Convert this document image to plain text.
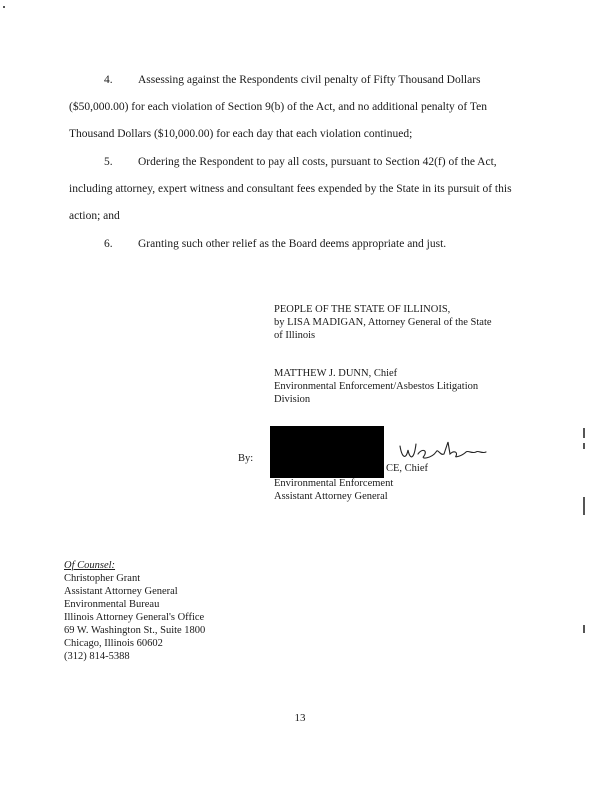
4. Assessing against the Respondents civil penalty of Fifty Thousand Dollars
($50,000.00) for each violation of Section 9(b) of the Act, and no additional penalty of Ten
Thousand Dollars ($10,000.00) for each day that each violation continued;
5. Ordering the Respondent to pay all costs, pursuant to Section 42(f) of the Act,
including attorney, expert witness and consultant fees expended by the State in its pursuit of this
action; and
6. Granting such other relief as the Board deems appropriate and just.
PEOPLE OF THE STATE OF ILLINOIS,
by LISA MADIGAN, Attorney General of the State
of Illinois
MATTHEW J. DUNN, Chief
Environmental Enforcement/Asbestos Litigation
Division
By:
CE, Chief
Environmental Enforcement
Assistant Attorney General
Of Counsel:
Christopher Grant
Assistant Attorney General
Environmental Bureau
Illinois Attorney General's Office
69 W. Washington St., Suite 1800
Chicago, Illinois 60602
(312) 814-5388
13
